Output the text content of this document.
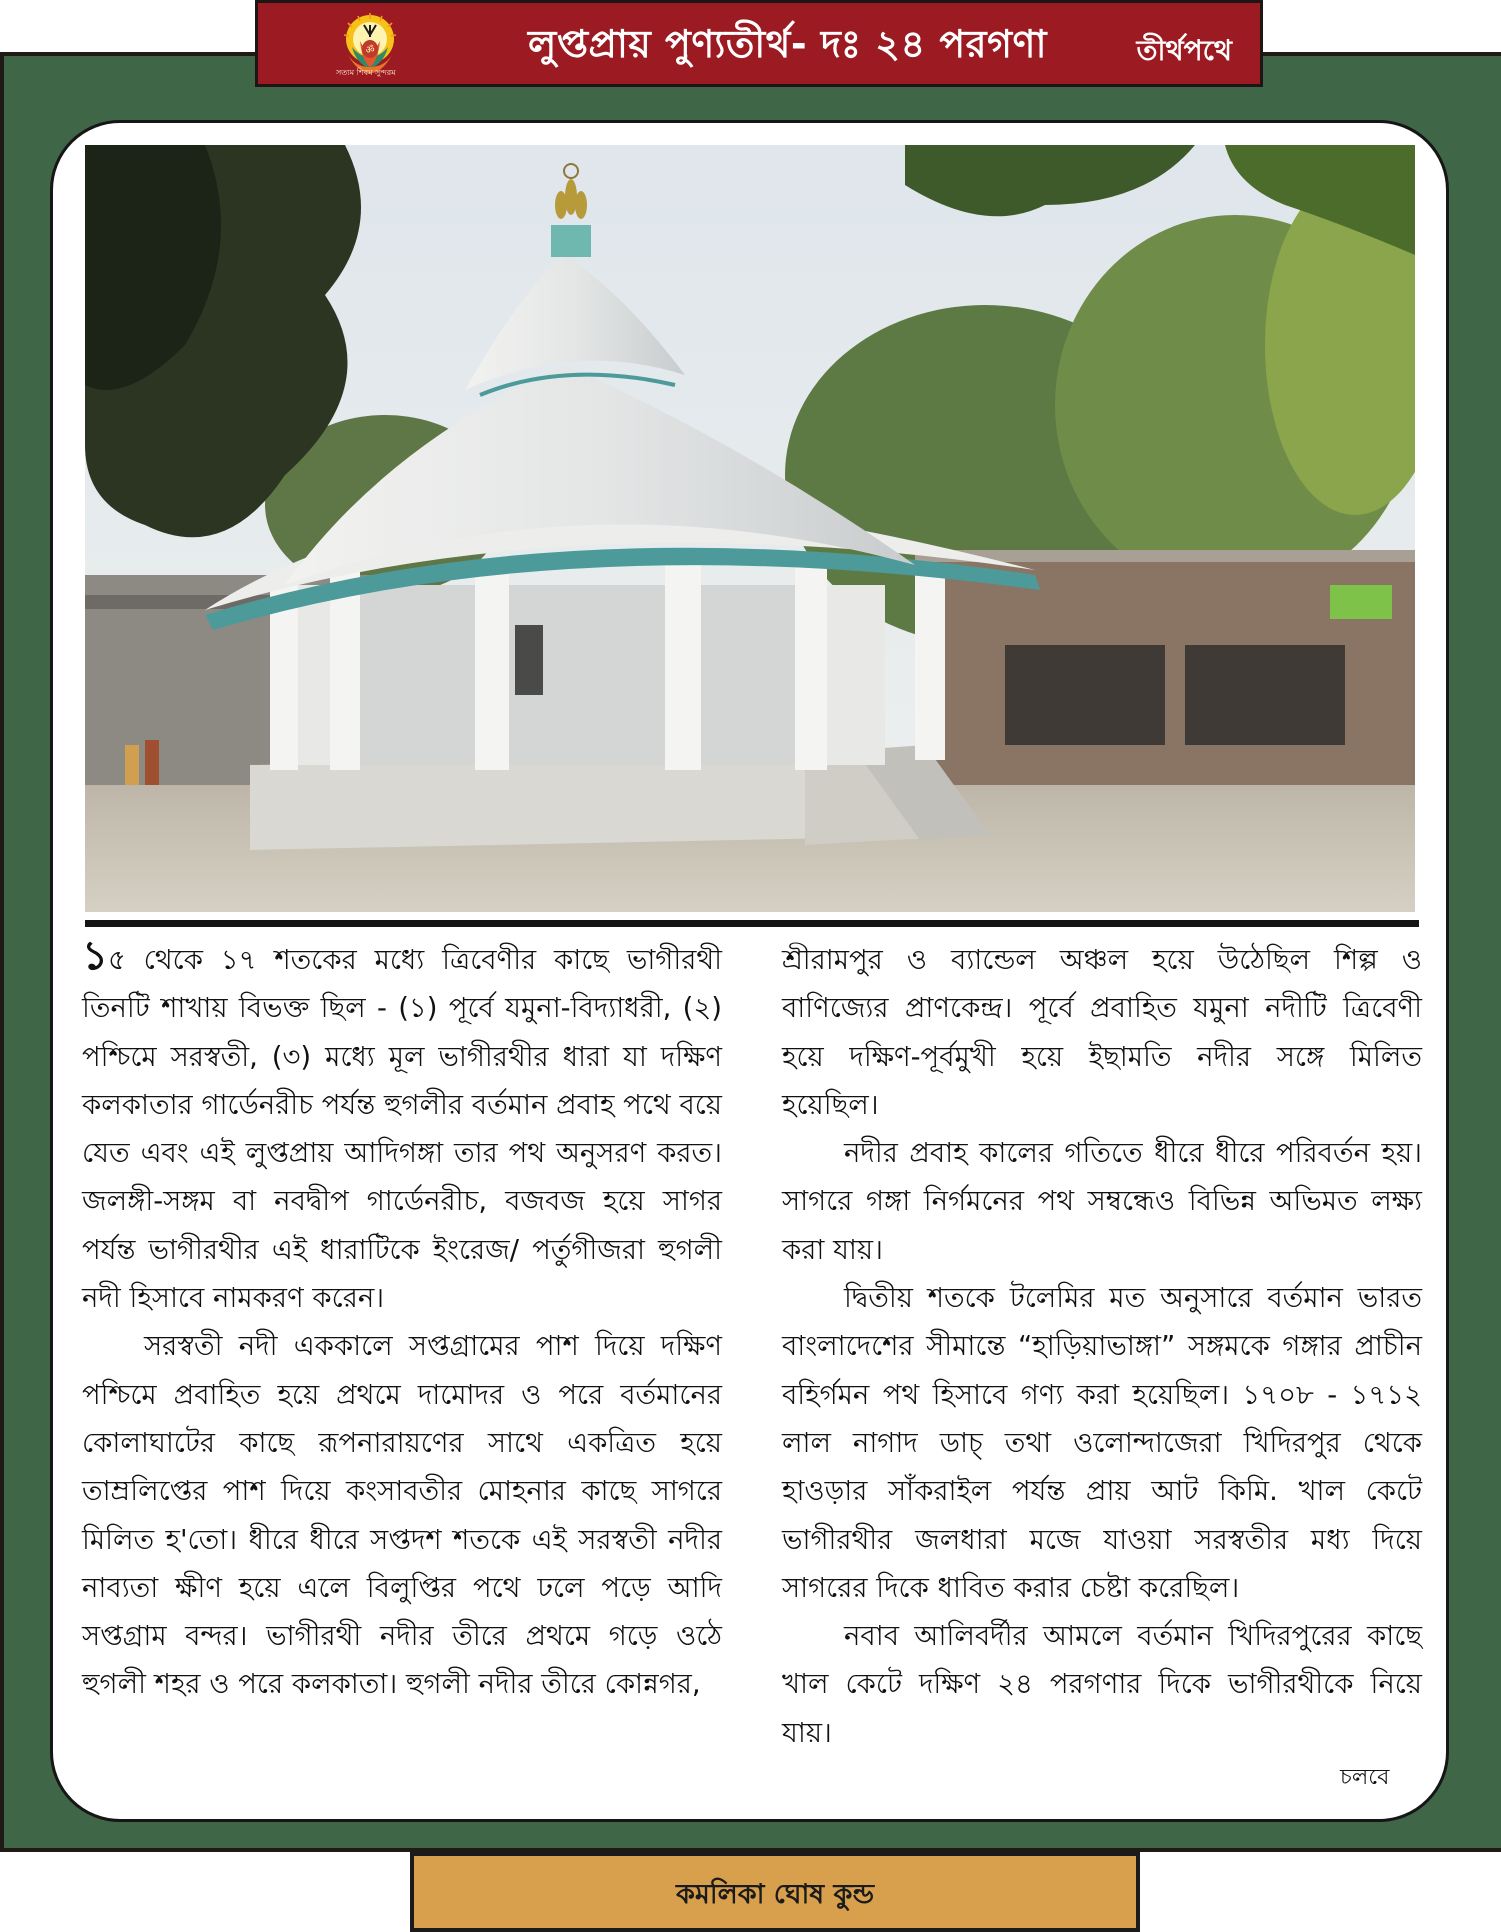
ॐ
সত্যম শিবম সুন্দরম
লুপ্তপ্রায় পুণ্যতীর্থ- দঃ ২৪ পরগণা	তীর্থপথে

১৫ থেকে ১৭ শতকের মধ্যে ত্রিবেণীর কাছে ভাগীরথী তিনটি শাখায় বিভক্ত ছিল - (১) পূর্বে যমুনা-বিদ্যাধরী, (২) পশ্চিমে সরস্বতী, (৩) মধ্যে মূল ভাগীরথীর ধারা যা দক্ষিণ কলকাতার গার্ডেনরীচ পর্যন্ত হুগলীর বর্তমান প্রবাহ পথে বয়ে যেত এবং এই লুপ্তপ্রায় আদিগঙ্গা তার পথ অনুসরণ করত। জলঙ্গী-সঙ্গম বা নবদ্বীপ গার্ডেনরীচ, বজবজ হয়ে সাগর পর্যন্ত ভাগীরথীর এই ধারাটিকে ইংরেজ/ পর্তুগীজরা হুগলী নদী হিসাবে নামকরণ করেন।

সরস্বতী নদী এককালে সপ্তগ্রামের পাশ দিয়ে দক্ষিণ পশ্চিমে প্রবাহিত হয়ে প্রথমে দামোদর ও পরে বর্তমানের কোলাঘাটের কাছে রূপনারায়ণের সাথে একত্রিত হয়ে তাম্রলিপ্তের পাশ দিয়ে কংসাবতীর মোহনার কাছে সাগরে মিলিত হ'তো। ধীরে ধীরে সপ্তদশ শতকে এই সরস্বতী নদীর নাব্যতা ক্ষীণ হয়ে এলে বিলুপ্তির পথে ঢলে পড়ে আদি সপ্তগ্রাম বন্দর। ভাগীরথী নদীর তীরে প্রথমে গড়ে ওঠে হুগলী শহর ও পরে কলকাতা। হুগলী নদীর তীরে কোন্নগর,

শ্রীরামপুর ও ব্যান্ডেল অঞ্চল হয়ে উঠেছিল শিল্প ও বাণিজ্যের প্রাণকেন্দ্র। পূর্বে প্রবাহিত যমুনা নদীটি ত্রিবেণী হয়ে দক্ষিণ-পূর্বমুখী হয়ে ইছামতি নদীর সঙ্গে মিলিত হয়েছিল।

নদীর প্রবাহ কালের গতিতে ধীরে ধীরে পরিবর্তন হয়। সাগরে গঙ্গা নির্গমনের পথ সম্বন্ধেও বিভিন্ন অভিমত লক্ষ্য করা যায়।

দ্বিতীয় শতকে টলেমির মত অনুসারে বর্তমান ভারত বাংলাদেশের সীমান্তে “হাড়িয়াভাঙ্গা” সঙ্গমকে গঙ্গার প্রাচীন বহির্গমন পথ হিসাবে গণ্য করা হয়েছিল। ১৭০৮ - ১৭১২ লাল নাগাদ ডাচ্ তথা ওলোন্দাজেরা খিদিরপুর থেকে হাওড়ার সাঁকরাইল পর্যন্ত প্রায় আট কিমি. খাল কেটে ভাগীরথীর জলধারা মজে যাওয়া সরস্বতীর মধ্য দিয়ে সাগরের দিকে ধাবিত করার চেষ্টা করেছিল।

নবাব আলিবর্দীর আমলে বর্তমান খিদিরপুরের কাছে খাল কেটে দক্ষিণ ২৪ পরগণার দিকে ভাগীরথীকে নিয়ে যায়।

চলবে
কমলিকা ঘোষ কুন্ড
